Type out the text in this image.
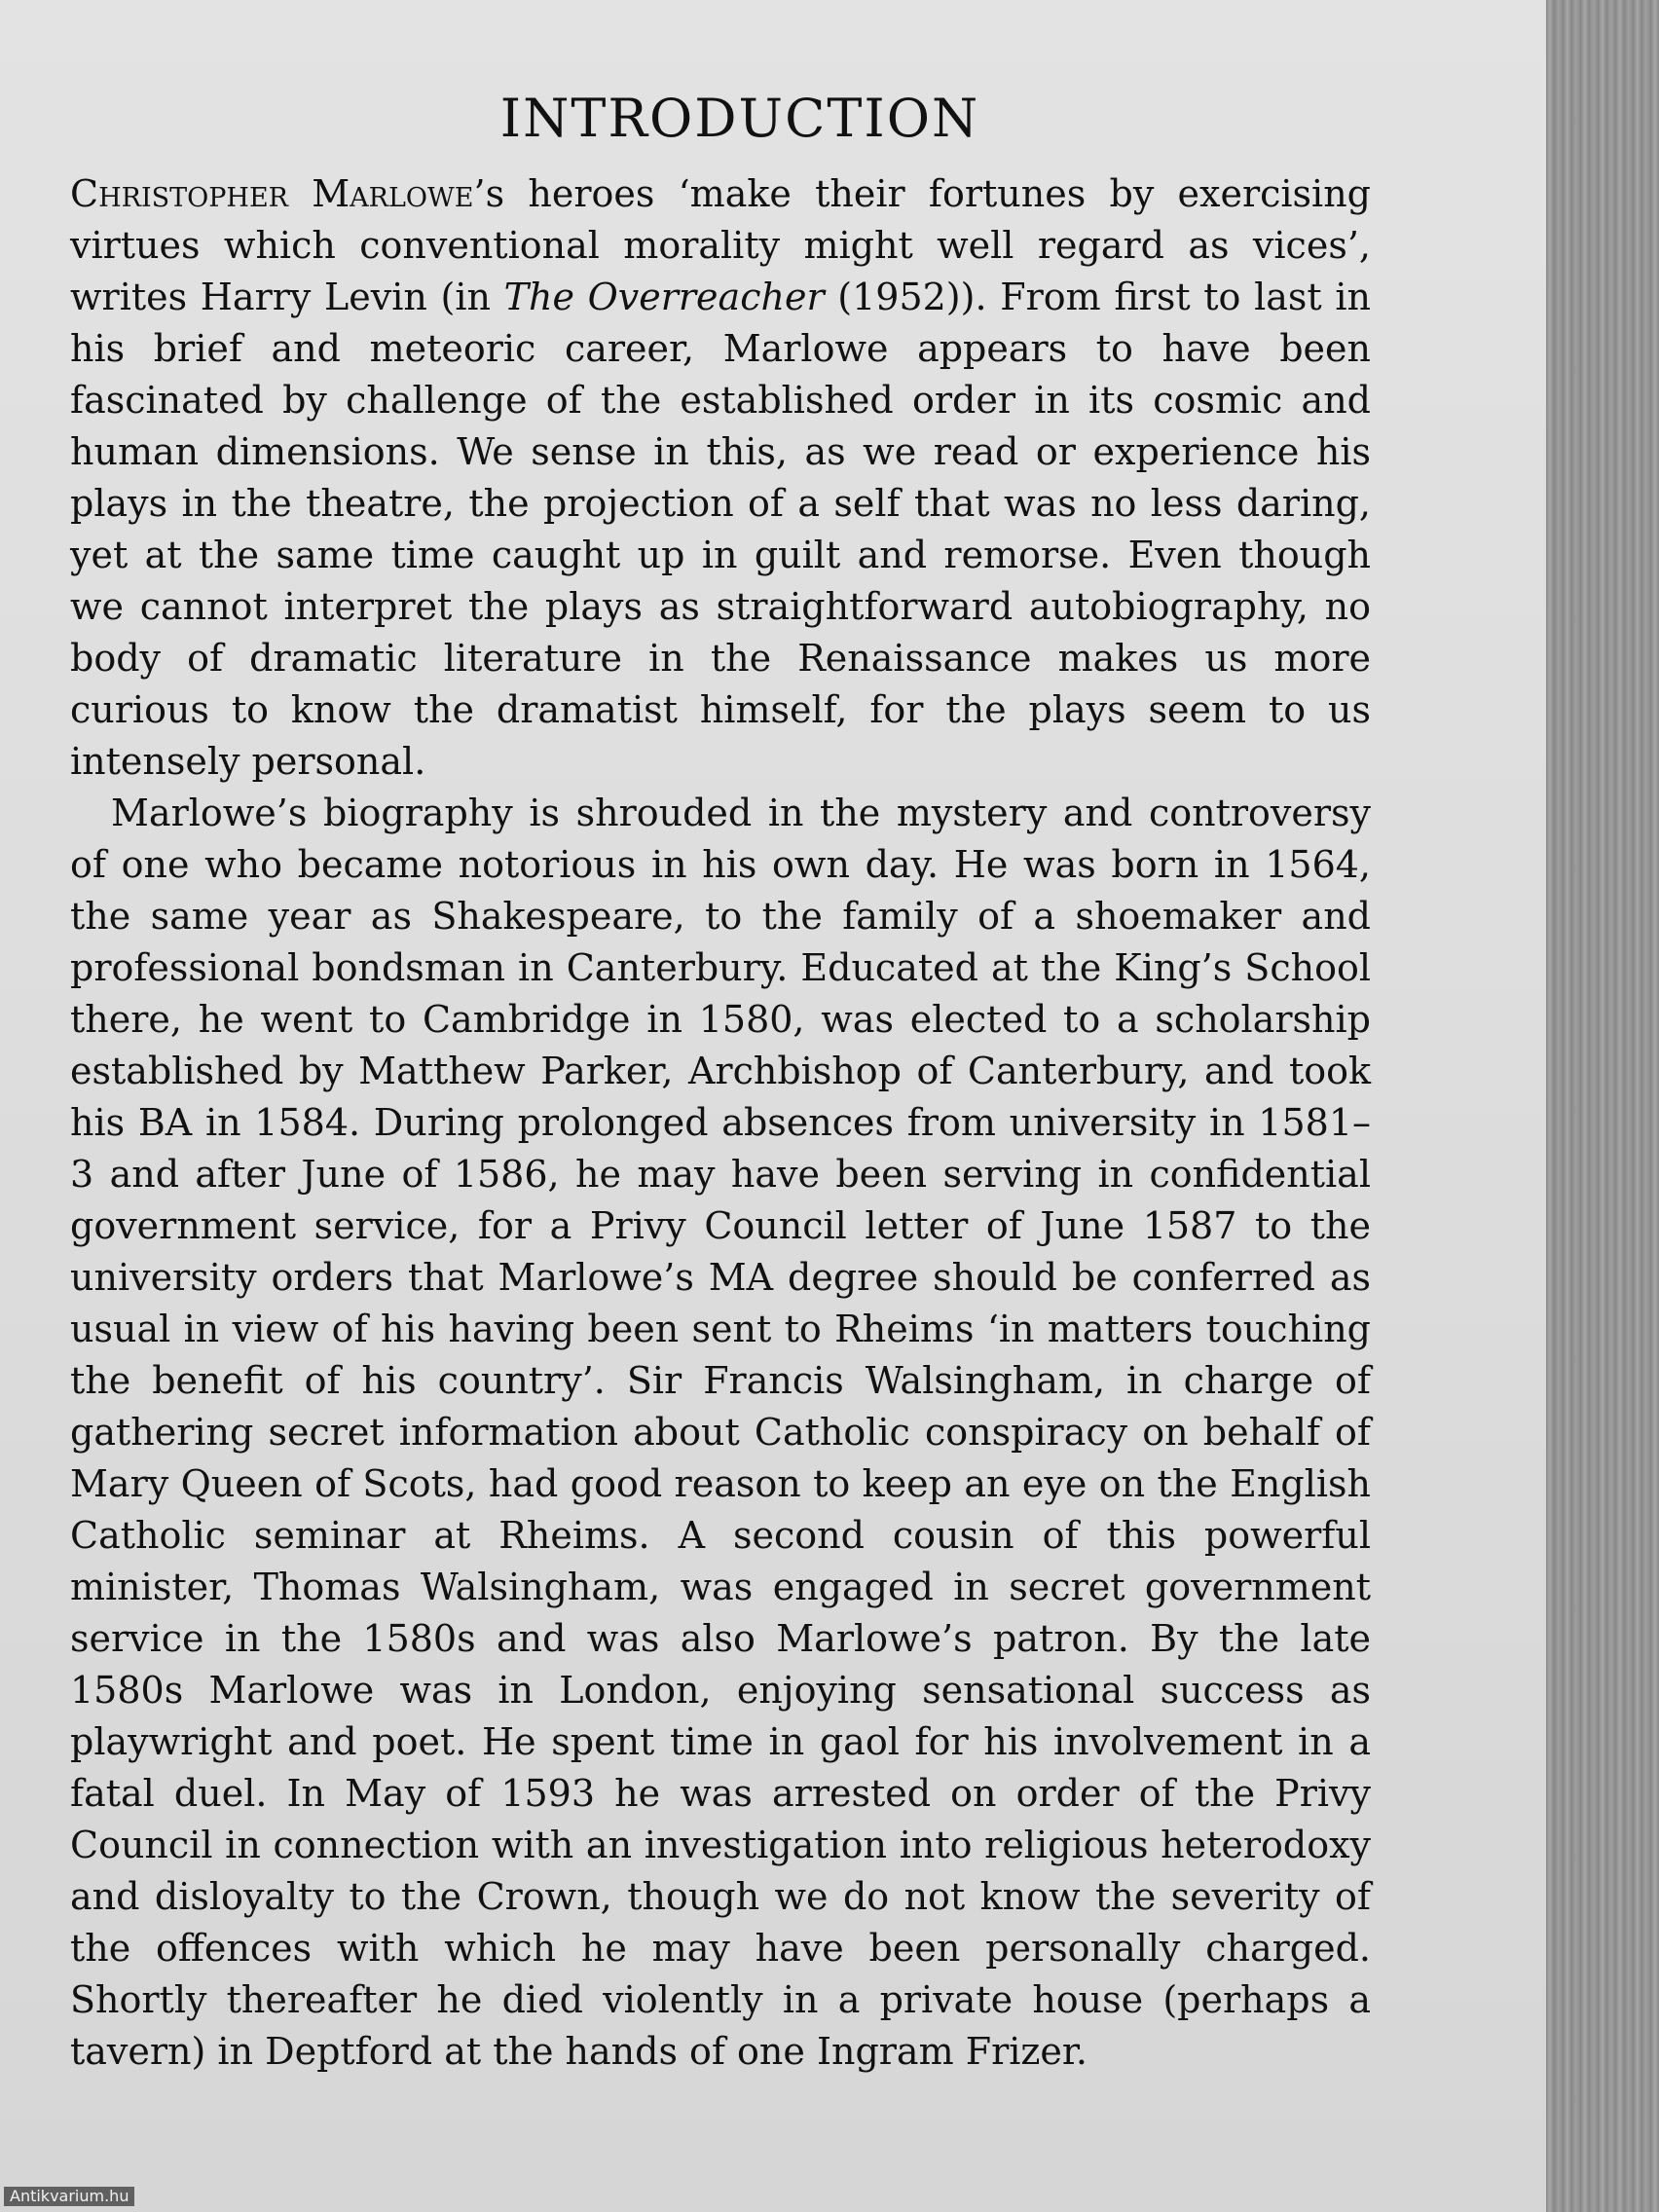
INTRODUCTION

Christopher Marlowe’s heroes ‘make their fortunes by exercising virtues which conventional morality might well regard as vices’, writes Harry Levin (in The Overreacher (1952)). From first to last in his brief and meteoric career, Marlowe appears to have been fascinated by challenge of the established order in its cosmic and human dimensions. We sense in this, as we read or experience his plays in the theatre, the projection of a self that was no less daring, yet at the same time caught up in guilt and remorse. Even though we cannot interpret the plays as straightforward autobiography, no body of dramatic literature in the Renaissance makes us more curious to know the dramatist himself, for the plays seem to us intensely personal.

Marlowe’s biography is shrouded in the mystery and controversy of one who became notorious in his own day. He was born in 1564, the same year as Shakespeare, to the family of a shoemaker and professional bondsman in Canterbury. Educated at the King’s School there, he went to Cambridge in 1580, was elected to a scholarship established by Matthew Parker, Archbishop of Canterbury, and took his BA in 1584. During prolonged absences from university in 1581–3 and after June of 1586, he may have been serving in confidential government service, for a Privy Council letter of June 1587 to the university orders that Marlowe’s MA degree should be conferred as usual in view of his having been sent to Rheims ‘in matters touching the benefit of his country’. Sir Francis Walsingham, in charge of gathering secret information about Catholic conspiracy on behalf of Mary Queen of Scots, had good reason to keep an eye on the English Catholic seminar at Rheims. A second cousin of this powerful minister, Thomas Walsingham, was engaged in secret government service in the 1580s and was also Marlowe’s patron. By the late 1580s Marlowe was in London, enjoying sensational success as playwright and poet. He spent time in gaol for his involvement in a fatal duel. In May of 1593 he was arrested on order of the Privy Council in connection with an investigation into religious heterodoxy and disloyalty to the Crown, though we do not know the severity of the offences with which he may have been personally charged. Shortly thereafter he died violently in a private house (perhaps a tavern) in Deptford at the hands of one Ingram Frizer.

Antikvarium.hu
